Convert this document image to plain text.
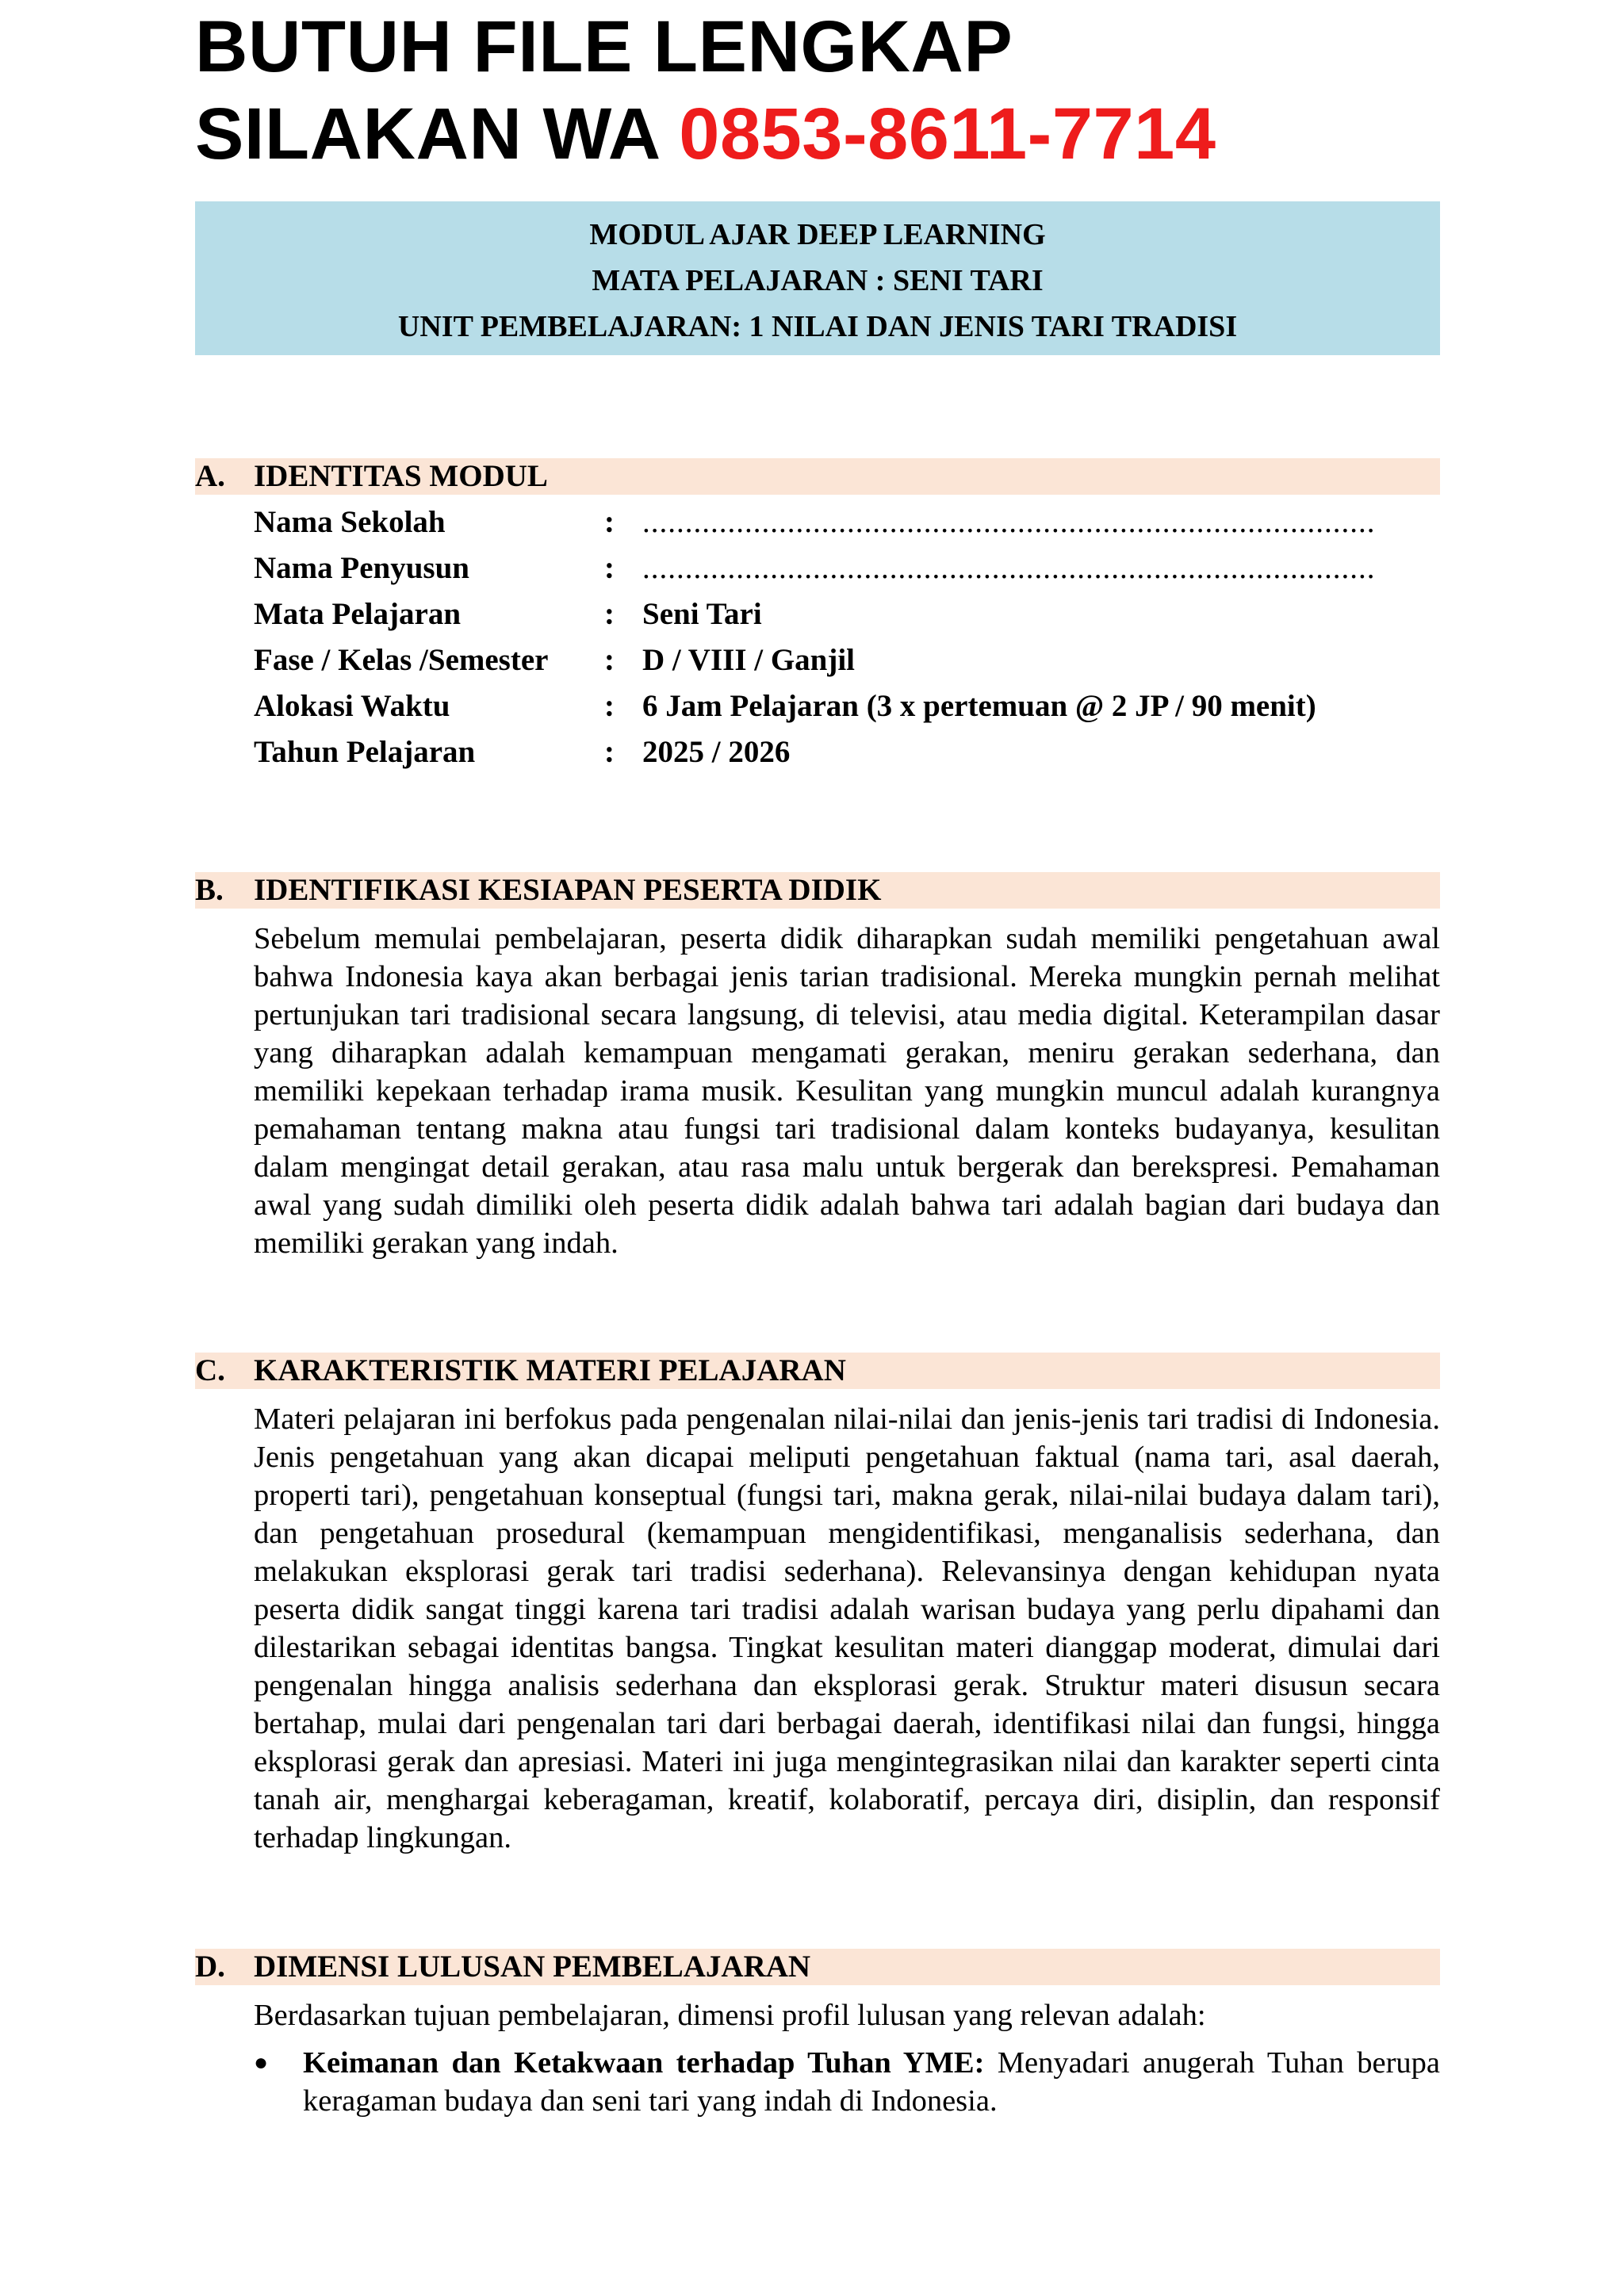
BUTUH FILE LENGKAP
SILAKAN WA 0853-8611-7714
MODUL AJAR DEEP LEARNING
MATA PELAJARAN : SENI TARI
UNIT PEMBELAJARAN: 1 NILAI DAN JENIS TARI TRADISI
A. IDENTITAS MODUL
Nama Sekolah	: ......................................................................................
Nama Penyusun	: ......................................................................................
Mata Pelajaran	: Seni Tari
Fase / Kelas /Semester : D / VIII / Ganjil
Alokasi Waktu	: 6 Jam Pelajaran (3 x pertemuan @ 2 JP / 90 menit)
Tahun Pelajaran	: 2025 / 2026
B. IDENTIFIKASI KESIAPAN PESERTA DIDIK
Sebelum memulai pembelajaran, peserta didik diharapkan sudah memiliki pengetahuan awal bahwa Indonesia kaya akan berbagai jenis tarian tradisional. Mereka mungkin pernah melihat pertunjukan tari tradisional secara langsung, di televisi, atau media digital. Keterampilan dasar yang diharapkan adalah kemampuan mengamati gerakan, meniru gerakan sederhana, dan memiliki kepekaan terhadap irama musik. Kesulitan yang mungkin muncul adalah kurangnya pemahaman tentang makna atau fungsi tari tradisional dalam konteks budayanya, kesulitan dalam mengingat detail gerakan, atau rasa malu untuk bergerak dan berekspresi. Pemahaman awal yang sudah dimiliki oleh peserta didik adalah bahwa tari adalah bagian dari budaya dan memiliki gerakan yang indah.
C. KARAKTERISTIK MATERI PELAJARAN
Materi pelajaran ini berfokus pada pengenalan nilai-nilai dan jenis-jenis tari tradisi di Indonesia. Jenis pengetahuan yang akan dicapai meliputi pengetahuan faktual (nama tari, asal daerah, properti tari), pengetahuan konseptual (fungsi tari, makna gerak, nilai-nilai budaya dalam tari), dan pengetahuan prosedural (kemampuan mengidentifikasi, menganalisis sederhana, dan melakukan eksplorasi gerak tari tradisi sederhana). Relevansinya dengan kehidupan nyata peserta didik sangat tinggi karena tari tradisi adalah warisan budaya yang perlu dipahami dan dilestarikan sebagai identitas bangsa. Tingkat kesulitan materi dianggap moderat, dimulai dari pengenalan hingga analisis sederhana dan eksplorasi gerak. Struktur materi disusun secara bertahap, mulai dari pengenalan tari dari berbagai daerah, identifikasi nilai dan fungsi, hingga eksplorasi gerak dan apresiasi. Materi ini juga mengintegrasikan nilai dan karakter seperti cinta tanah air, menghargai keberagaman, kreatif, kolaboratif, percaya diri, disiplin, dan responsif terhadap lingkungan.
D. DIMENSI LULUSAN PEMBELAJARAN
Berdasarkan tujuan pembelajaran, dimensi profil lulusan yang relevan adalah:
● Keimanan dan Ketakwaan terhadap Tuhan YME: Menyadari anugerah Tuhan berupa keragaman budaya dan seni tari yang indah di Indonesia.
